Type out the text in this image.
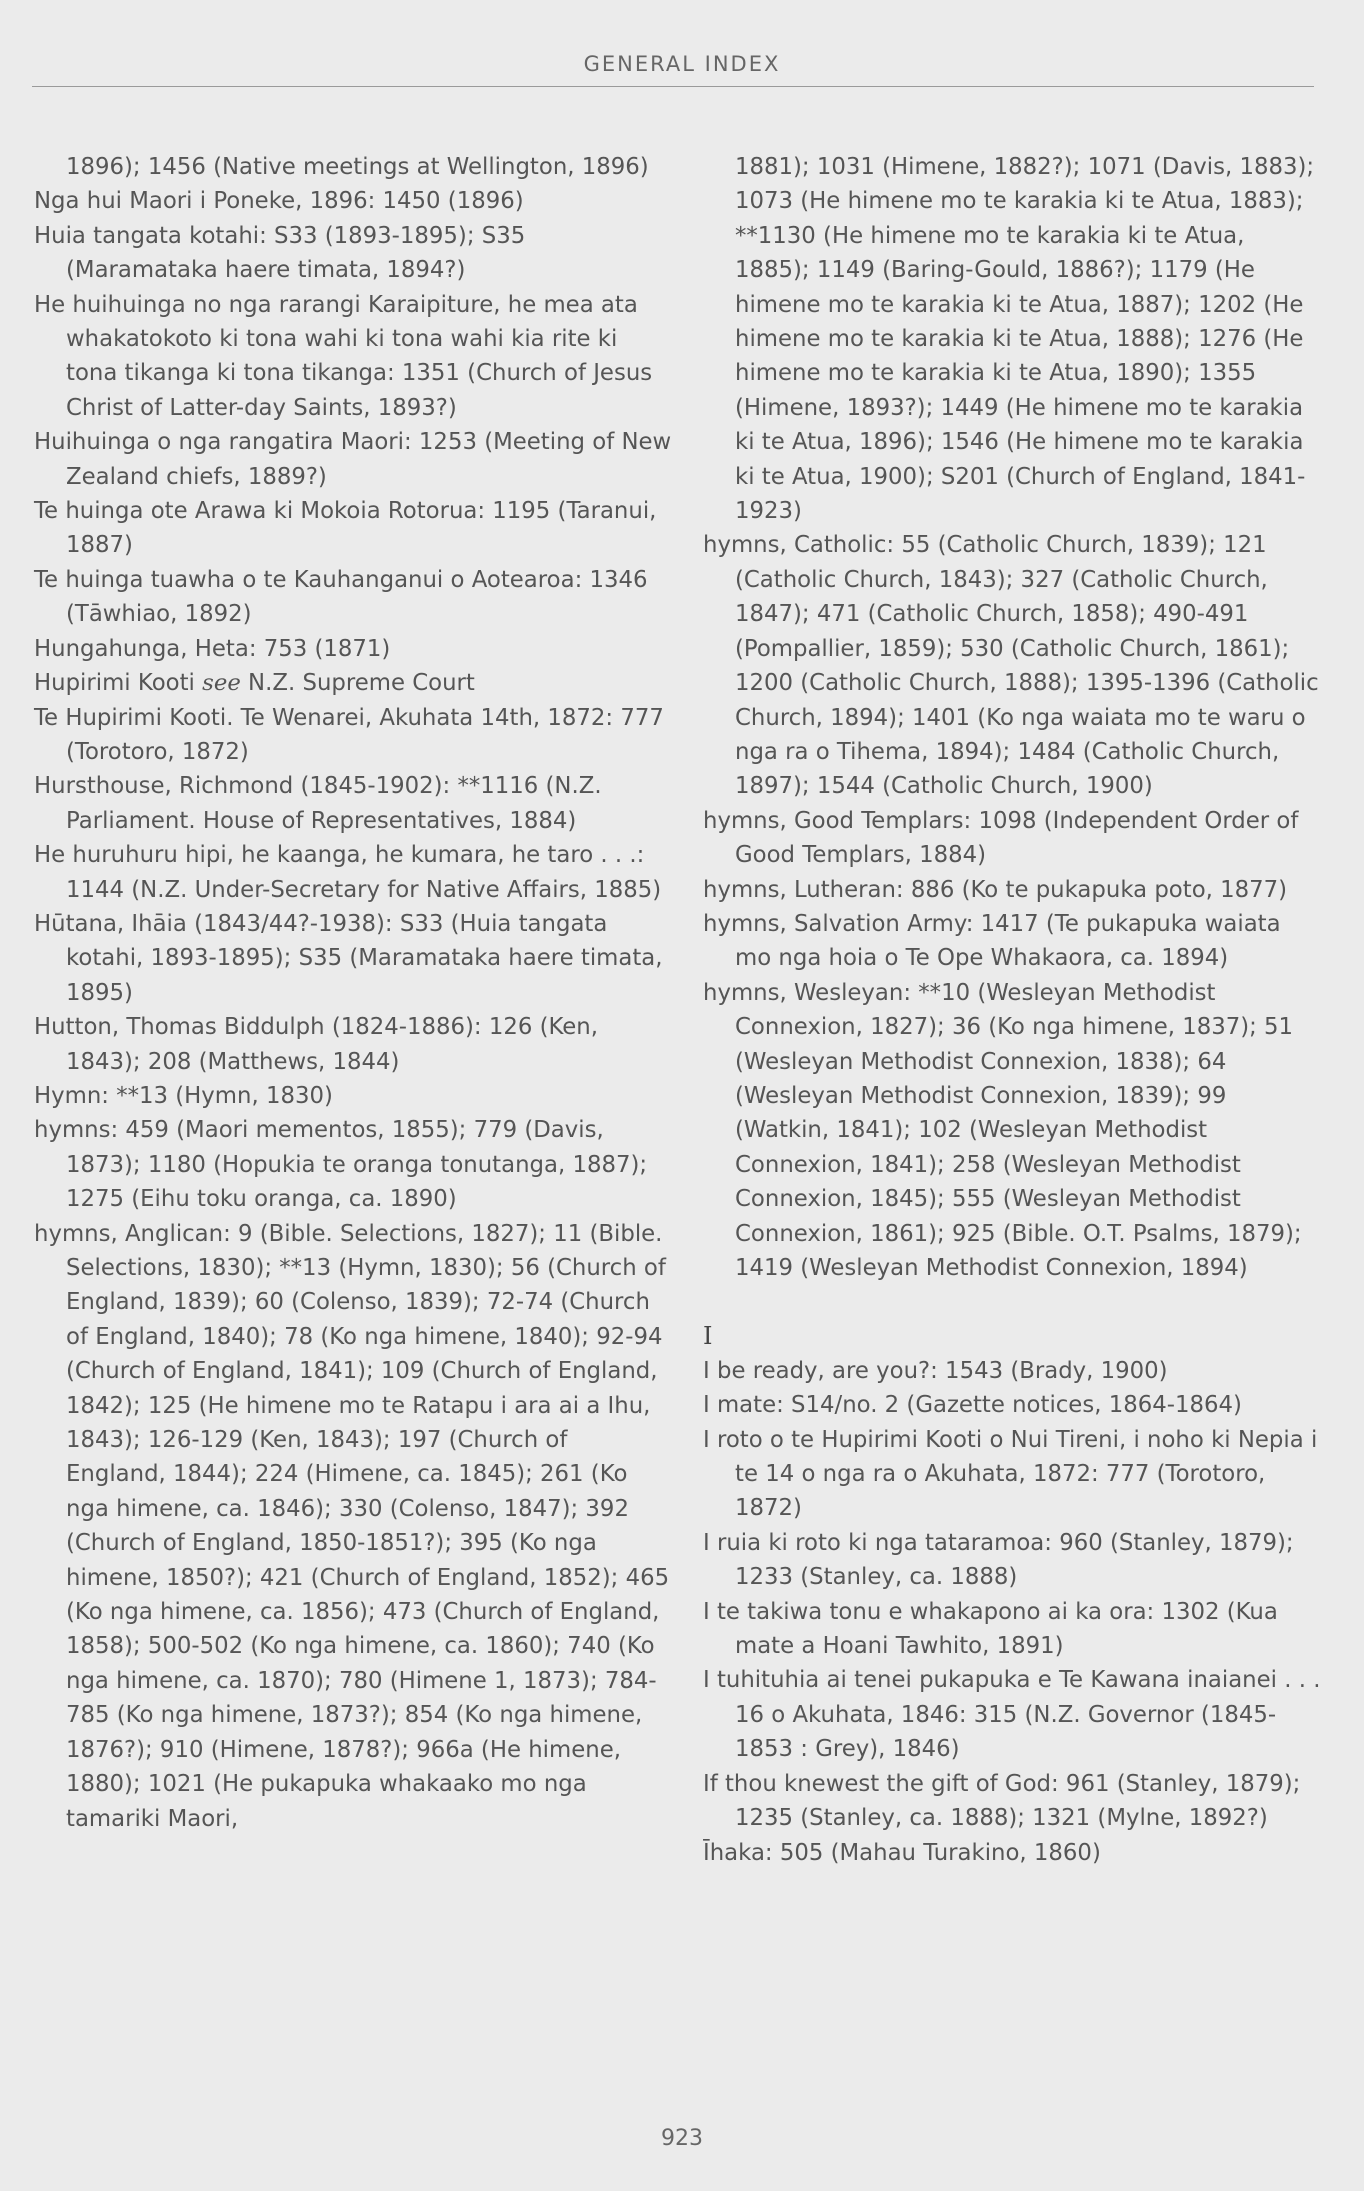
GENERAL INDEX

1896); 1456 (Native meetings at Wellington, 1896)

Nga hui Maori i Poneke, 1896: 1450 (1896)

Huia tangata kotahi: S33 (1893-1895); S35 (Maramataka haere timata, 1894?)

He huihuinga no nga rarangi Karaipiture, he mea ata whakatokoto ki tona wahi ki tona wahi kia rite ki tona tikanga ki tona tikanga: 1351 (Church of Jesus Christ of Latter-day Saints, 1893?)

Huihuinga o nga rangatira Maori: 1253 (Meeting of New Zealand chiefs, 1889?)

Te huinga ote Arawa ki Mokoia Rotorua: 1195 (Taranui, 1887)

Te huinga tuawha o te Kauhanganui o Aotearoa: 1346 (Tāwhiao, 1892)

Hungahunga, Heta: 753 (1871)

Hupirimi Kooti see N.Z. Supreme Court

Te Hupirimi Kooti. Te Wenarei, Akuhata 14th, 1872: 777 (Torotoro, 1872)

Hursthouse, Richmond (1845-1902): **1116 (N.Z. Parliament. House of Representatives, 1884)

He huruhuru hipi, he kaanga, he kumara, he taro . . .: 1144 (N.Z. Under-Secretary for Native Affairs, 1885)

Hūtana, Ihāia (1843/44?-1938): S33 (Huia tangata kotahi, 1893-1895); S35 (Maramataka haere timata, 1895)

Hutton, Thomas Biddulph (1824-1886): 126 (Ken, 1843); 208 (Matthews, 1844)

Hymn: **13 (Hymn, 1830)

hymns: 459 (Maori mementos, 1855); 779 (Davis, 1873); 1180 (Hopukia te oranga tonutanga, 1887); 1275 (Eihu toku oranga, ca. 1890)

hymns, Anglican: 9 (Bible. Selections, 1827); 11 (Bible. Selections, 1830); **13 (Hymn, 1830); 56 (Church of England, 1839); 60 (Colenso, 1839); 72-74 (Church of England, 1840); 78 (Ko nga himene, 1840); 92-94 (Church of England, 1841); 109 (Church of England, 1842); 125 (He himene mo te Ratapu i ara ai a Ihu, 1843); 126-129 (Ken, 1843); 197 (Church of England, 1844); 224 (Himene, ca. 1845); 261 (Ko nga himene, ca. 1846); 330 (Colenso, 1847); 392 (Church of England, 1850-1851?); 395 (Ko nga himene, 1850?); 421 (Church of England, 1852); 465 (Ko nga himene, ca. 1856); 473 (Church of England, 1858); 500-502 (Ko nga himene, ca. 1860); 740 (Ko nga himene, ca. 1870); 780 (Himene 1, 1873); 784-785 (Ko nga himene, 1873?); 854 (Ko nga himene, 1876?); 910 (Himene, 1878?); 966a (He himene, 1880); 1021 (He pukapuka whakaako mo nga tamariki Maori,

1881); 1031 (Himene, 1882?); 1071 (Davis, 1883); 1073 (He himene mo te karakia ki te Atua, 1883); **1130 (He himene mo te karakia ki te Atua, 1885); 1149 (Baring-Gould, 1886?); 1179 (He himene mo te karakia ki te Atua, 1887); 1202 (He himene mo te karakia ki te Atua, 1888); 1276 (He himene mo te karakia ki te Atua, 1890); 1355 (Himene, 1893?); 1449 (He himene mo te karakia ki te Atua, 1896); 1546 (He himene mo te karakia ki te Atua, 1900); S201 (Church of England, 1841-1923)

hymns, Catholic: 55 (Catholic Church, 1839); 121 (Catholic Church, 1843); 327 (Catholic Church, 1847); 471 (Catholic Church, 1858); 490-491 (Pompallier, 1859); 530 (Catholic Church, 1861); 1200 (Catholic Church, 1888); 1395-1396 (Catholic Church, 1894); 1401 (Ko nga waiata mo te waru o nga ra o Tihema, 1894); 1484 (Catholic Church, 1897); 1544 (Catholic Church, 1900)

hymns, Good Templars: 1098 (Independent Order of Good Templars, 1884)

hymns, Lutheran: 886 (Ko te pukapuka poto, 1877)

hymns, Salvation Army: 1417 (Te pukapuka waiata mo nga hoia o Te Ope Whakaora, ca. 1894)

hymns, Wesleyan: **10 (Wesleyan Methodist Connexion, 1827); 36 (Ko nga himene, 1837); 51 (Wesleyan Methodist Connexion, 1838); 64 (Wesleyan Methodist Connexion, 1839); 99 (Watkin, 1841); 102 (Wesleyan Methodist Connexion, 1841); 258 (Wesleyan Methodist Connexion, 1845); 555 (Wesleyan Methodist Connexion, 1861); 925 (Bible. O.T. Psalms, 1879); 1419 (Wesleyan Methodist Connexion, 1894)

I

I be ready, are you?: 1543 (Brady, 1900)

I mate: S14/no. 2 (Gazette notices, 1864-1864)

I roto o te Hupirimi Kooti o Nui Tireni, i noho ki Nepia i te 14 o nga ra o Akuhata, 1872: 777 (Torotoro, 1872)

I ruia ki roto ki nga tataramoa: 960 (Stanley, 1879); 1233 (Stanley, ca. 1888)

I te takiwa tonu e whakapono ai ka ora: 1302 (Kua mate a Hoani Tawhito, 1891)

I tuhituhia ai tenei pukapuka e Te Kawana inaianei . . . 16 o Akuhata, 1846: 315 (N.Z. Governor (1845-1853 : Grey), 1846)

If thou knewest the gift of God: 961 (Stanley, 1879); 1235 (Stanley, ca. 1888); 1321 (Mylne, 1892?)

Īhaka: 505 (Mahau Turakino, 1860)

923
